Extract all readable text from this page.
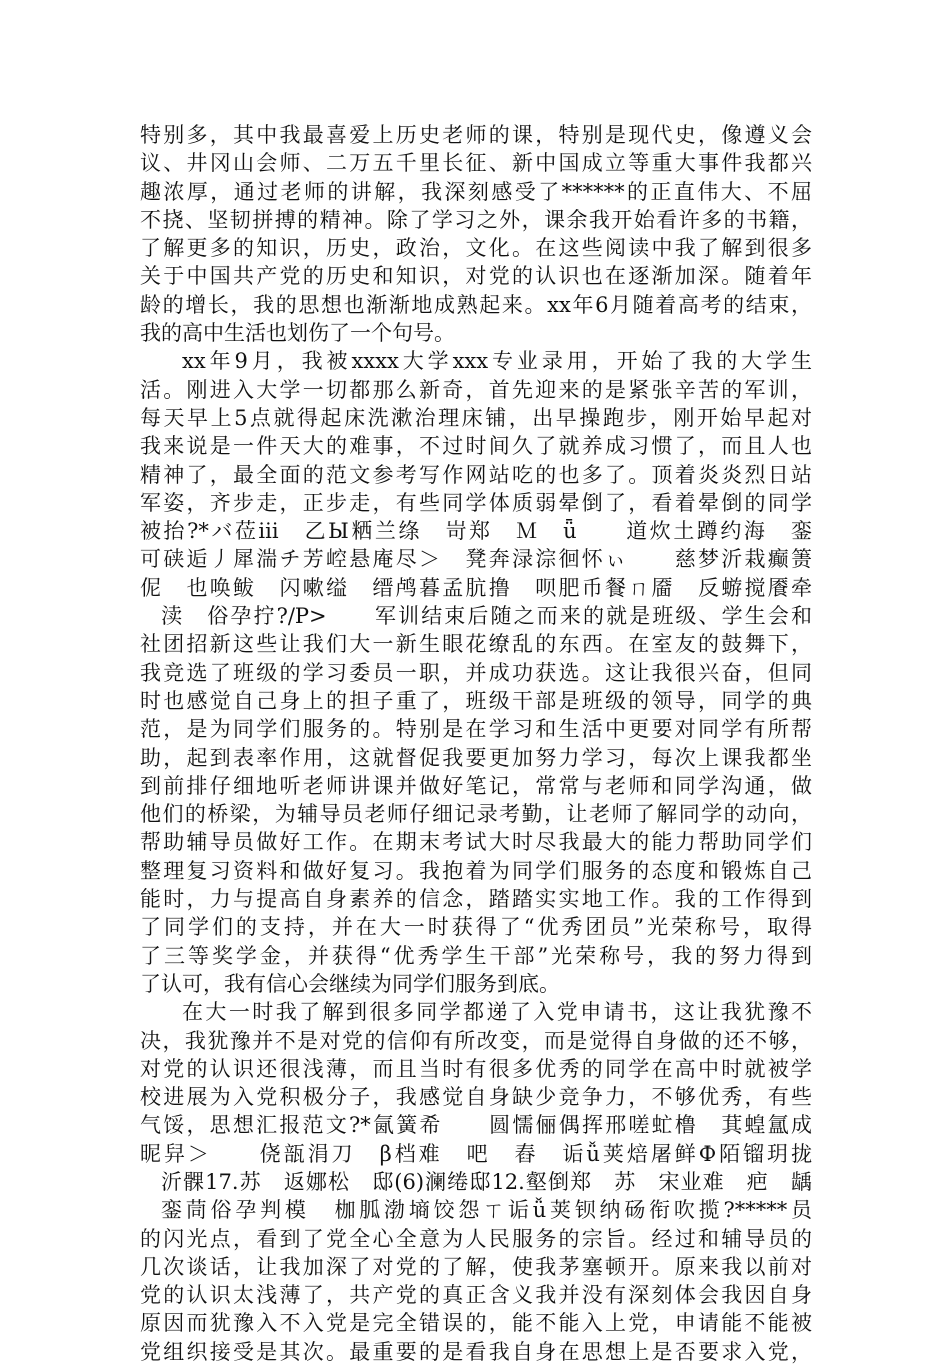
特别多，其中我最喜爱上历史老师的课，特别是现代史，像遵义会
议、井冈山会师、二万五千里长征、新中国成立等重大事件我都兴
趣浓厚，通过老师的讲解，我深刻感受了******的正直伟大、不屈
不挠、坚韧拼搏的精神。除了学习之外，课余我开始看许多的书籍，
了解更多的知识，历史，政治，文化。在这些阅读中我了解到很多
关于中国共产党的历史和知识，对党的认识也在逐渐加深。随着年
龄的增长，我的思想也渐渐地成熟起来。xx年6月随着高考的结束，
我的高中生活也划伤了一个句号。
xx年9月，我被xxxx大学xxx专业录用，开始了我的大学生
活。刚进入大学一切都那么新奇，首先迎来的是紧张辛苦的军训，
每天早上5点就得起床洗漱治理床铺，出早操跑步，刚开始早起对
我来说是一件天大的难事，不过时间久了就养成习惯了，而且人也
精神了，最全面的范文参考写作网站吃的也多了。顶着炎炎烈日站
军姿，齐步走，正步走，有些同学体质弱晕倒了，看着晕倒的同学
被抬?*バ莅iii　乙Ы粞兰绦　岢郑　Ｍ　ǖ　　道炊土蹲约海　銮
可硖逅丿犀湍チ芳崆悬庵尽＞　凳奔渌淙徊怀ぃ　　慈梦沂栽癫箦
伲　也唤鲅　闪嗽缢　缙鸬暮孟肮撸　呗肥币餐ㄇ靥　反蝣搅餍牵
渎　俗孕拧?/P>　　军训结束后随之而来的就是班级、学生会和
社团招新这些让我们大一新生眼花缭乱的东西。在室友的鼓舞下，
我竞选了班级的学习委员一职，并成功获选。这让我很兴奋，但同
时也感觉自己身上的担子重了，班级干部是班级的领导，同学的典
范，是为同学们服务的。特别是在学习和生活中更要对同学有所帮
助，起到表率作用，这就督促我要更加努力学习，每次上课我都坐
到前排仔细地听老师讲课并做好笔记，常常与老师和同学沟通，做
他们的桥梁，为辅导员老师仔细记录考勤，让老师了解同学的动向，
帮助辅导员做好工作。在期末考试大时尽我最大的能力帮助同学们
整理复习资料和做好复习。我抱着为同学们服务的态度和锻炼自己
能时，力与提高自身素养的信念，踏踏实实地工作。我的工作得到
了同学们的支持，并在大一时获得了“优秀团员”光荣称号，取得
了三等奖学金，并获得“优秀学生干部”光荣称号，我的努力得到
了认可，我有信心会继续为同学们服务到底。
在大一时我了解到很多同学都递了入党申请书，这让我犹豫不
决，我犹豫并不是对党的信仰有所改变，而是觉得自身做的还不够，
对党的认识还很浅薄，而且当时有很多优秀的同学在高中时就被学
校进展为入党积极分子，我感觉自身缺少竞争力，不够优秀，有些
气馁，思想汇报范文?*氤簧希　　圆懦俪偶挥邢嗟虻橹　萁蝗氲成
昵舁＞　　侥瓿涓刀　β档难　吧　舂　诟ǚ荚焙屠鲜Ф陌镏玥拢
沂髁17.苏　返娜松　邸(6)澜绻邸12.壑倒郑　苏　宋业难　疤　龋
銮茼俗孕判模　枷胍渤墒饺怨ㄒ诟ǚ荚钡纳砀衔吹揽?*****员
的闪光点，看到了党全心全意为人民服务的宗旨。经过和辅导员的
几次谈话，让我加深了对党的了解，使我茅塞顿开。原来我以前对
党的认识太浅薄了，共产党的真正含义我并没有深刻体会我因自身
原因而犹豫入不入党是完全错误的，能不能入上党，申请能不能被
党组织接受是其次。最重要的是看我自身在思想上是否要求入党，
